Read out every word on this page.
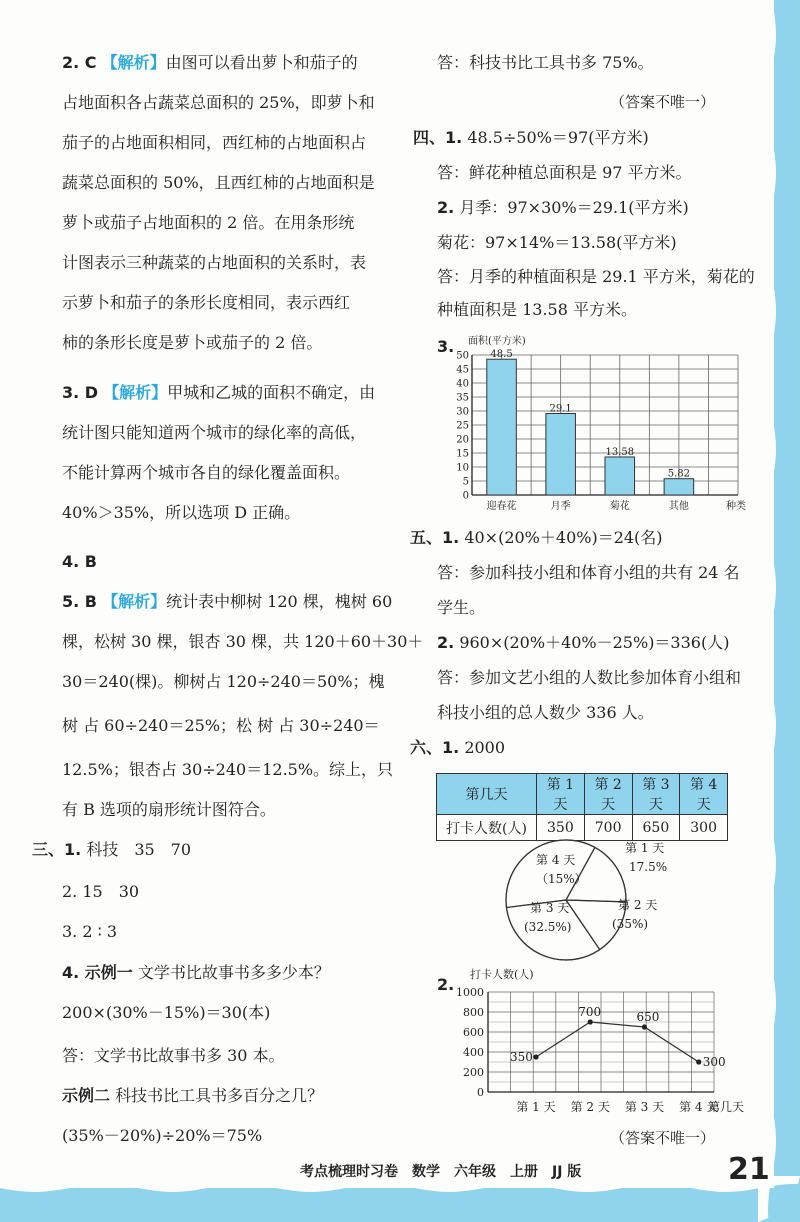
2. C 【解析】由图可以看出萝卜和茄子的
占地面积各占蔬菜总面积的 25%，即萝卜和
茄子的占地面积相同，西红柿的占地面积占
蔬菜总面积的 50%，且西红柿的占地面积是
萝卜或茄子占地面积的 2 倍。在用条形统
计图表示三种蔬菜的占地面积的关系时，表
示萝卜和茄子的条形长度相同，表示西红
柿的条形长度是萝卜或茄子的 2 倍。
3. D 【解析】甲城和乙城的面积不确定，由
统计图只能知道两个城市的绿化率的高低，
不能计算两个城市各自的绿化覆盖面积。
40%＞35%，所以选项 D 正确。
4. B
5. B 【解析】统计表中柳树 120 棵，槐树 60
棵，松树 30 棵，银杏 30 棵，共 120＋60＋30＋
30＝240(棵)。柳树占 120÷240＝50%；槐
树 占 60÷240＝25%；松 树 占 30÷240＝
12.5%；银杏占 30÷240＝12.5%。综上，只
有 B 选项的扇形统计图符合。
三、1. 科技　35　70
2. 15　30
3. 2 ∶ 3
4. 示例一 文学书比故事书多多少本？
200×(30%－15%)＝30(本)
答：文学书比故事书多 30 本。
示例二 科技书比工具书多百分之几？
(35%－20%)÷20%＝75%
答：科技书比工具书多 75%。
（答案不唯一）
四、1. 48.5÷50%＝97(平方米)
答：鲜花种植总面积是 97 平方米。
2. 月季：97×30%＝29.1(平方米)
菊花：97×14%＝13.58(平方米)
答：月季的种植面积是 29.1 平方米，菊花的
种植面积是 13.58 平方米。
3. 面积(平方米)
0
5
10
15
20
25
30
35
40
45
50 48.5
迎春花
29.1
月季
13.58
菊花
5.82
其他	种类
五、1. 40×(20%＋40%)＝24(名)
答：参加科技小组和体育小组的共有 24 名
学生。
2. 960×(20%＋40%－25%)＝336(人)
答：参加文艺小组的人数比参加体育小组和
科技小组的总人数少 336 人。
六、1. 2000
第几天	第 1 天	第 2 天	第 3 天	第 4 天
打卡人数(人)	350	700	650	300
第 1 天
17.5%
第 2 天
(35%)
第 3 天
(32.5%)
第 4 天
（15%）
2.
打卡人数(人)
0
200
400
600
800
1000
350
第 1 天
700
第 2 天
650
第 3 天
300
第 4 天
第几天
（答案不唯一）
考点梳理时习卷　数学　六年级　上册　JJ 版	21
